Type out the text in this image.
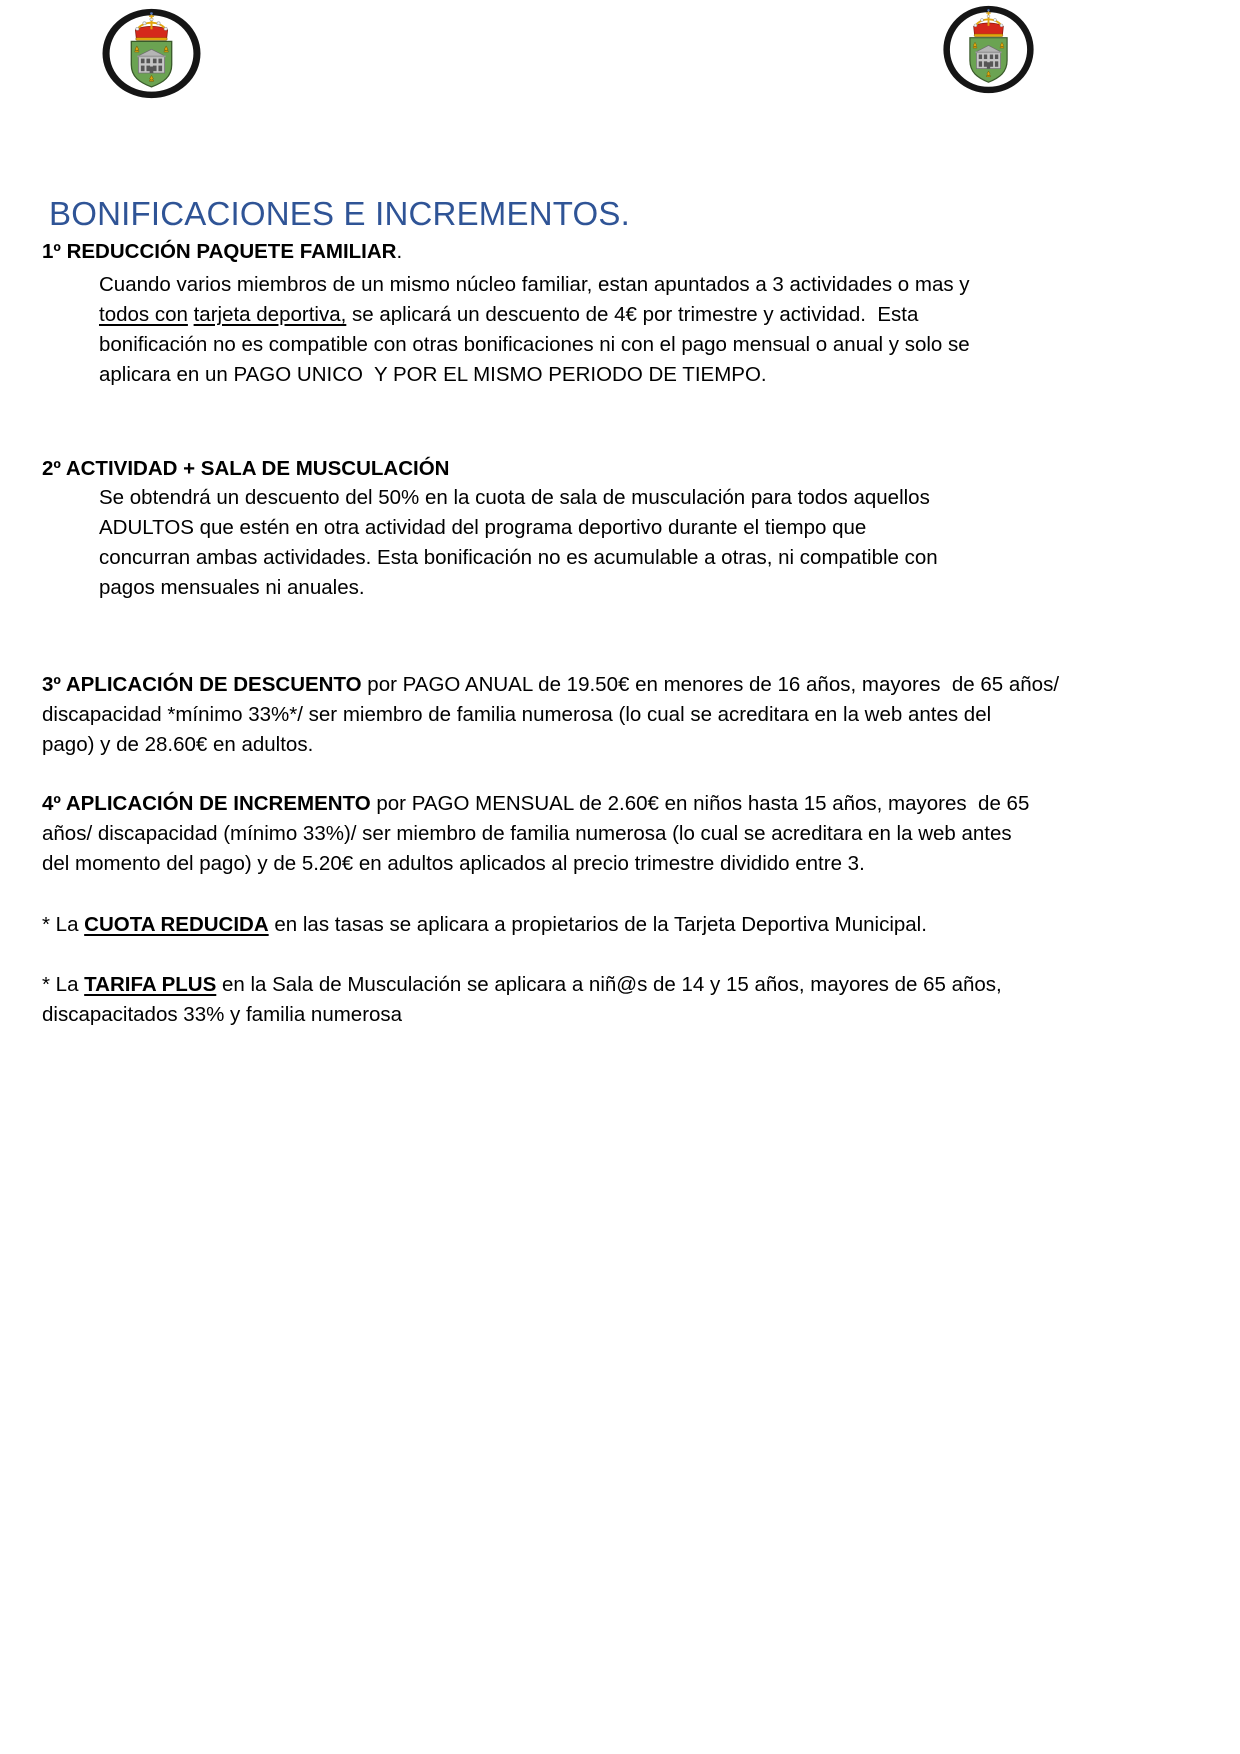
BONIFICACIONES E INCREMENTOS.
1º REDUCCIÓN PAQUETE FAMILIAR.
Cuando varios miembros de un mismo núcleo familiar, estan apuntados a 3 actividades o mas y
todos con tarjeta deportiva, se aplicará un descuento de 4€ por trimestre y actividad.  Esta
bonificación no es compatible con otras bonificaciones ni con el pago mensual o anual y solo se
aplicara en un PAGO UNICO  Y POR EL MISMO PERIODO DE TIEMPO.
2º ACTIVIDAD + SALA DE MUSCULACIÓN
Se obtendrá un descuento del 50% en la cuota de sala de musculación para todos aquellos
ADULTOS que estén en otra actividad del programa deportivo durante el tiempo que
concurran ambas actividades. Esta bonificación no es acumulable a otras, ni compatible con
pagos mensuales ni anuales.
3º APLICACIÓN DE DESCUENTO por PAGO ANUAL de 19.50€ en menores de 16 años, mayores  de 65 años/
discapacidad *mínimo 33%*/ ser miembro de familia numerosa (lo cual se acreditara en la web antes del
pago) y de 28.60€ en adultos.
4º APLICACIÓN DE INCREMENTO por PAGO MENSUAL de 2.60€ en niños hasta 15 años, mayores  de 65
años/ discapacidad (mínimo 33%)/ ser miembro de familia numerosa (lo cual se acreditara en la web antes
del momento del pago) y de 5.20€ en adultos aplicados al precio trimestre dividido entre 3.
* La CUOTA REDUCIDA en las tasas se aplicara a propietarios de la Tarjeta Deportiva Municipal.
* La TARIFA PLUS en la Sala de Musculación se aplicara a niñ@s de 14 y 15 años, mayores de 65 años,
discapacitados 33% y familia numerosa
